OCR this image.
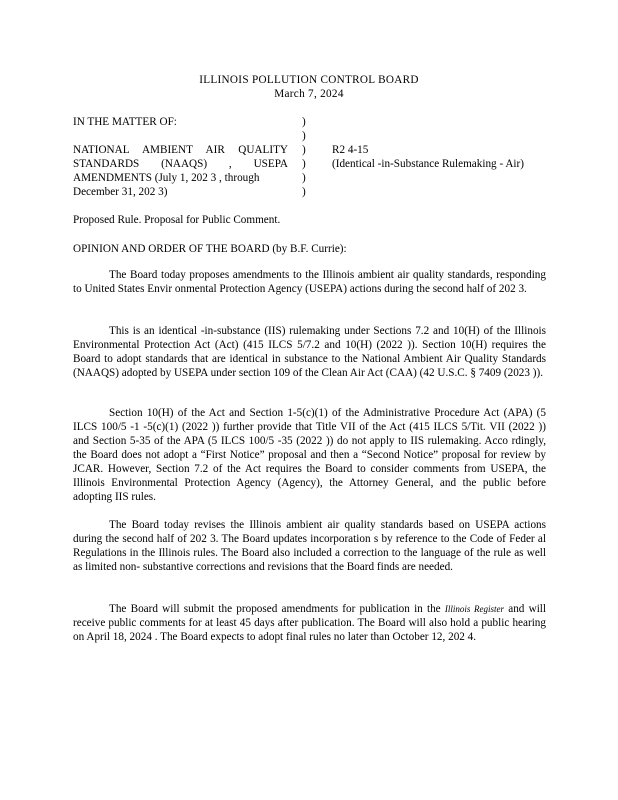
ILLINOIS POLLUTION CONTROL BOARD
March 7, 2024
IN THE MATTER OF:
NATIONAL AMBIENT AIR QUALITY
STANDARDS (NAAQS) , USEPA
AMENDMENTS (July 1, 202 3 , through
December 31, 202 3)
)
)
)
)
)
)
R2 4-15
(Identical -in-Substance Rulemaking - Air)
Proposed Rule. Proposal for Public Comment.
OPINION AND ORDER OF THE BOARD (by B.F. Currie):
The Board today proposes amendments to the Illinois ambient air quality standards, responding to United States Envir onmental Protection Agency (USEPA) actions during the second half of 202 3.
This is an identical -in-substance (IIS) rulemaking under Sections 7.2 and 10(H) of the Illinois Environmental Protection Act (Act) (415 ILCS 5/7.2 and 10(H) (2022 )). Section 10(H) requires the Board to adopt standards that are identical in substance to the National Ambient Air Quality Standards (NAAQS) adopted by USEPA under section 109 of the Clean Air Act (CAA) (42 U.S.C. § 7409 (2023 )).
Section 10(H) of the Act and Section 1-5(c)(1) of the Administrative Procedure Act (APA) (5 ILCS 100/5 -1 -5(c)(1) (2022 )) further provide that Title VII of the Act (415 ILCS 5/Tit. VII (2022 )) and Section 5-35 of the APA (5 ILCS 100/5 -35 (2022 )) do not apply to IIS rulemaking. Acco rdingly, the Board does not adopt a “First Notice” proposal and then a “Second Notice” proposal for review by JCAR. However, Section 7.2 of the Act requires the Board to consider comments from USEPA, the Illinois Environmental Protection Agency (Agency), the Attorney General, and the public before adopting IIS rules.
The Board today revises the Illinois ambient air quality standards based on USEPA actions during the second half of 202 3. The Board updates incorporation s by reference to the Code of Feder al Regulations in the Illinois rules. The Board also included a correction to the language of the rule as well as limited non- substantive corrections and revisions that the Board finds are needed.
The Board will submit the proposed amendments for publication in the Illinois Register and will receive public comments for at least 45 days after publication. The Board will also hold a public hearing on April 18, 2024 . The Board expects to adopt final rules no later than October 12, 202 4.
